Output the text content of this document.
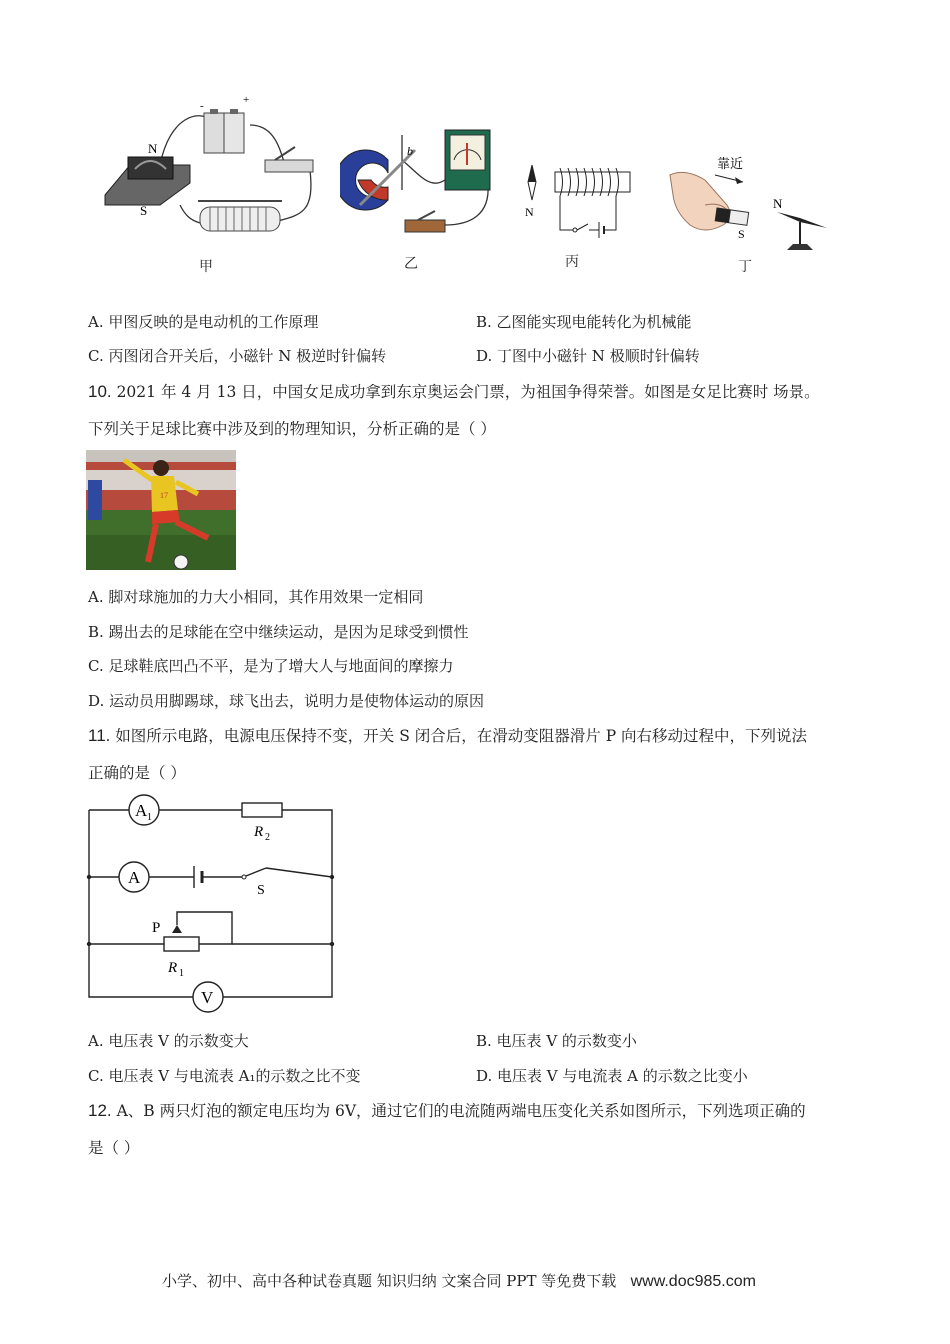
-	+
N
S
甲
b
乙
N
丙
靠近
S
N
丁
A. 甲图反映的是电动机的工作原理	B. 乙图能实现电能转化为机械能
C. 丙图闭合开关后，小磁针 N 极逆时针偏转	D. 丁图中小磁针 N 极顺时针偏转
10. 2021 年 4 月 13 日，中国女足成功拿到东京奥运会门票，为祖国争得荣誉。如图是女足比赛时 场景。
下列关于足球比赛中涉及到的物理知识，分析正确的是（ ）
17
A. 脚对球施加的力大小相同，其作用效果一定相同
B. 踢出去的足球能在空中继续运动，是因为足球受到惯性
C. 足球鞋底凹凸不平，是为了增大人与地面间的摩擦力
D. 运动员用脚踢球，球飞出去，说明力是使物体运动的原因
11. 如图所示电路，电源电压保持不变，开关 S 闭合后，在滑动变阻器滑片 P 向右移动过程中，下列说法
正确的是（ ）
A 1
R 2
A
S
P
R 1
V
A. 电压表 V 的示数变大	B. 电压表 V 的示数变小
C. 电压表 V 与电流表 A₁的示数之比不变	D. 电压表 V 与电流表 A 的示数之比变小
12. A、B 两只灯泡的额定电压均为 6V，通过它们的电流随两端电压变化关系如图所示，下列选项正确的
是（ ）
小学、初中、高中各种试卷真题 知识归纳 文案合同 PPT 等免费下载 www.doc985.com
